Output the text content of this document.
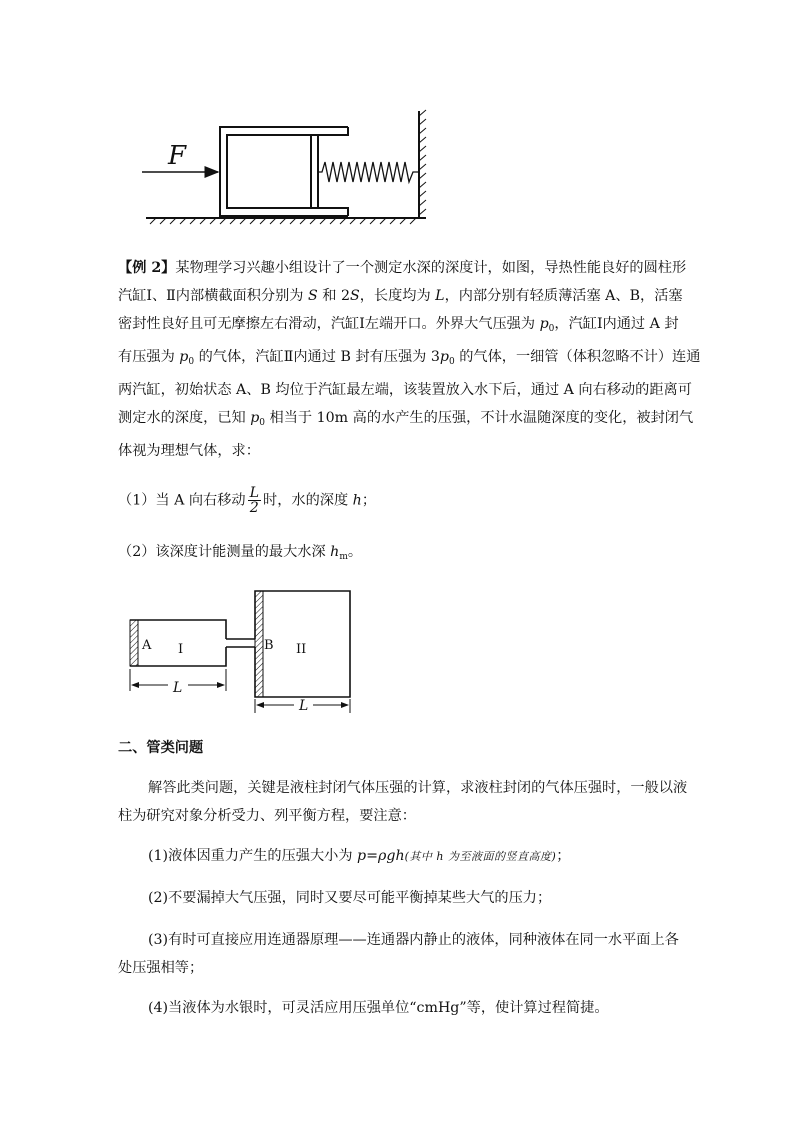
F
【例 2】某物理学习兴趣小组设计了一个测定水深的深度计，如图，导热性能良好的圆柱形
汽缸Ⅰ、Ⅱ内部横截面积分别为 S 和 2S，长度均为 L，内部分别有轻质薄活塞 A、B，活塞
密封性良好且可无摩擦左右滑动，汽缸Ⅰ左端开口。外界大气压强为 $p_0$，汽缸Ⅰ内通过 A 封
有压强为 $p_0$ 的气体，汽缸Ⅱ内通过 B 封有压强为 $3p_0$ 的气体，一细管（体积忽略不计）连通
两汽缸，初始状态 A、B 均位于汽缸最左端，该装置放入水下后，通过 A 向右移动的距离可
测定水的深度，已知 $p_0$ 相当于 10m 高的水产生的压强，不计水温随深度的变化，被封闭气
体视为理想气体，求：
（1）当 A 向右移动 $\frac{L}{2}$ 时，水的深度 h；
（2）该深度计能测量的最大水深 $h_m$。
A I	B II
L
L
二、管类问题
解答此类问题，关键是液柱封闭气体压强的计算，求液柱封闭的气体压强时，一般以液
柱为研究对象分析受力、列平衡方程，要注意：
(1)液体因重力产生的压强大小为 p=ρgh(其中 h 为至液面的竖直高度)；
(2)不要漏掉大气压强，同时又要尽可能平衡掉某些大气的压力；
(3)有时可直接应用连通器原理——连通器内静止的液体，同种液体在同一水平面上各
处压强相等；
(4)当液体为水银时，可灵活应用压强单位“cmHg”等，使计算过程简捷。
